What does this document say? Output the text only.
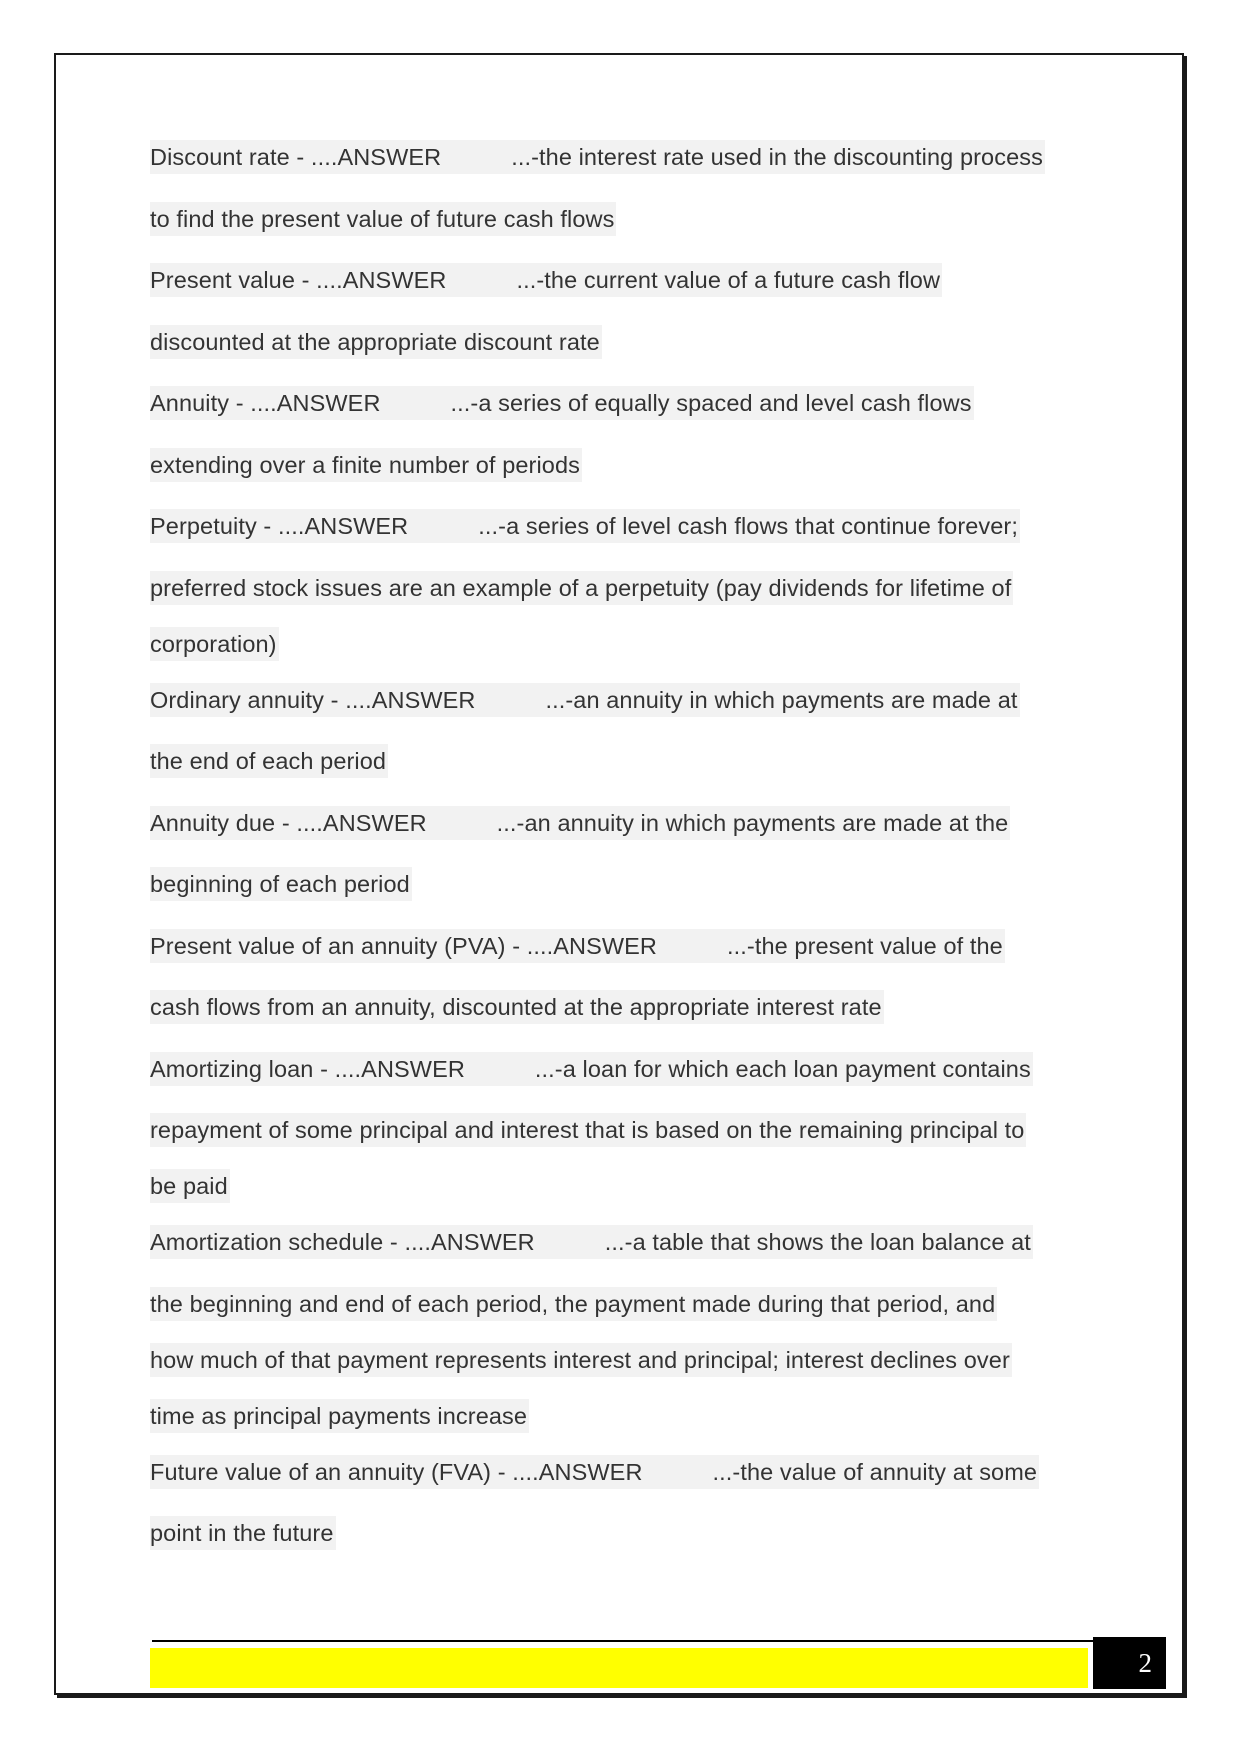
Discount rate - ....ANSWER	...-the interest rate used in the discounting process
to find the present value of future cash flows
Present value - ....ANSWER	...-the current value of a future cash flow
discounted at the appropriate discount rate
Annuity - ....ANSWER	...-a series of equally spaced and level cash flows
extending over a finite number of periods
Perpetuity - ....ANSWER	...-a series of level cash flows that continue forever;
preferred stock issues are an example of a perpetuity (pay dividends for lifetime of
corporation)
Ordinary annuity - ....ANSWER	...-an annuity in which payments are made at
the end of each period
Annuity due - ....ANSWER	...-an annuity in which payments are made at the
beginning of each period
Present value of an annuity (PVA) - ....ANSWER	...-the present value of the
cash flows from an annuity, discounted at the appropriate interest rate
Amortizing loan - ....ANSWER	...-a loan for which each loan payment contains
repayment of some principal and interest that is based on the remaining principal to
be paid
Amortization schedule - ....ANSWER	...-a table that shows the loan balance at
the beginning and end of each period, the payment made during that period, and
how much of that payment represents interest and principal; interest declines over
time as principal payments increase
Future value of an annuity (FVA) - ....ANSWER	...-the value of annuity at some
point in the future
2
